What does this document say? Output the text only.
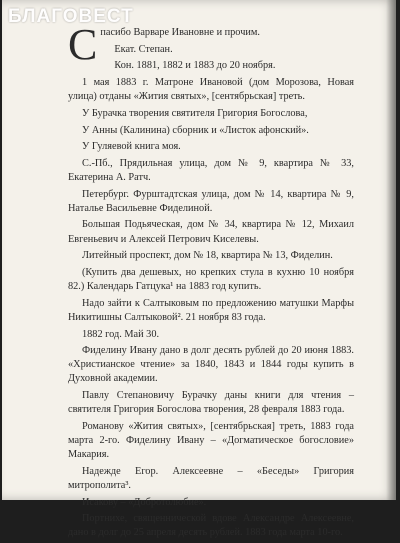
БЛАГОВЕСТ

Спасибо Варваре Ивановне и прочим.

Екат. Степан.

Кон. 1881, 1882 и 1883 до 20 ноября.

1 мая 1883 г. Матроне Ивановой (дом Морозова, Новая улица) отданы «Жития святых», [сентябрьская] треть.

У Бурачка творения святителя Григория Богослова,

У Анны (Калинина) сборник и «Листок афонский».

У Гуляевой книга моя.

С.-Пб., Прядильная улица, дом № 9, квартира № 33, Екатерина А. Ратч.

Петербург. Фурштадтская улица, дом № 14, квартира № 9, Наталье Васильевне Фиделиной.

Большая Подьяческая, дом № 34, квартира № 12, Михаил Евгеньевич и Алексей Петрович Киселевы.

Литейный проспект, дом № 18, квартира № 13, Фиделин.

(Купить два дешевых, но крепких стула в кухню 10 ноября 82.) Календарь Гатцука¹ на 1883 год купить.

Надо зайти к Салтыковым по предложению матушки Марфы Никитишны Салтыковой². 21 ноября 83 года.

1882 год. Май 30.

Фиделину Ивану дано в долг десять рублей до 20 июня 1883. «Христианское чтение» за 1840, 1843 и 1844 годы купить в Духовной академии.

Павлу Степановичу Бурачку даны книги для чтения – святителя Григория Богослова творения, 28 февраля 1883 года.

Романову «Жития святых», [сентябрьская] треть, 1883 года марта 2-го. Фиделину Ивану – «Догматическое богословие» Макария.

Надежде Егор. Алексеевне – «Беседы» Григория митрополита³.

Исакову – «Добротолюбие».

Портнихе, священнической вдове Александре Алексеевне, дано в долг до 25 апреля десять рублей. 1883 года марта 10-го.
